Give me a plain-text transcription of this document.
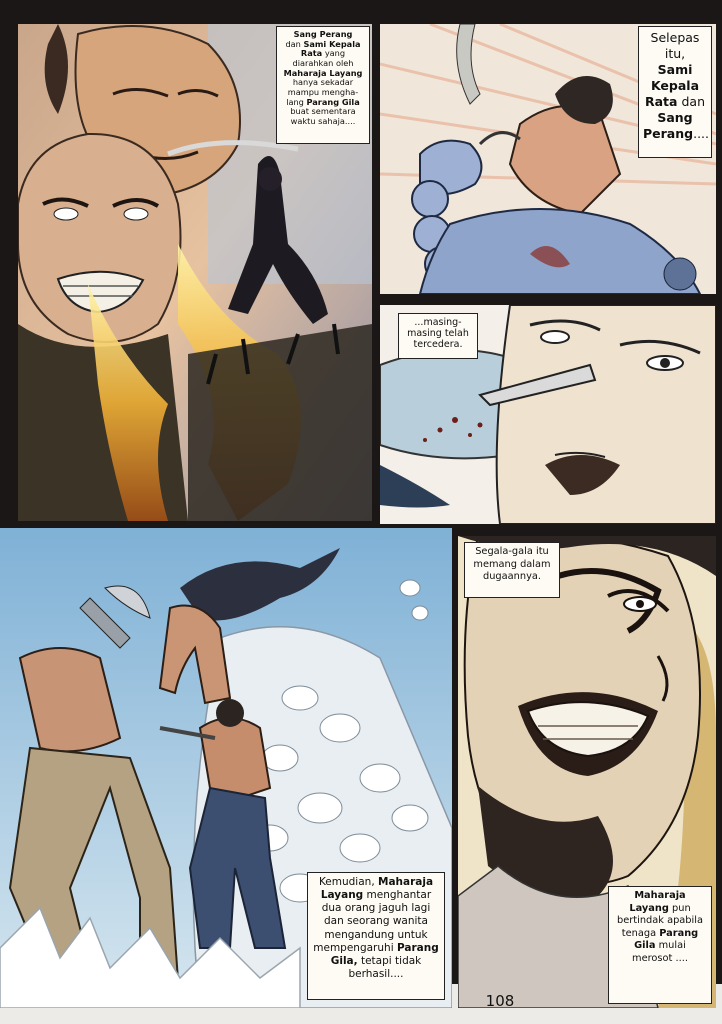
Sang Perang
dan Sami Kepala Rata yang diarahkan oleh Maharaja Layang hanya sekadar mampu mengha-lang Parang Gila buat sementara waktu sahaja....
Selepas itu,
Sami Kepala Rata dan Sang Perang....
...masing-masing telah tercedera.
Kemudian, Maharaja Layang menghantar dua orang jaguh lagi dan seorang wanita mengandung untuk mempengaruhi Parang Gila, tetapi tidak berhasil....
Segala-gala itu memang dalam dugaannya.
Maharaja Layang pun bertindak apabila tenaga Parang Gila mulai merosot ....
108
